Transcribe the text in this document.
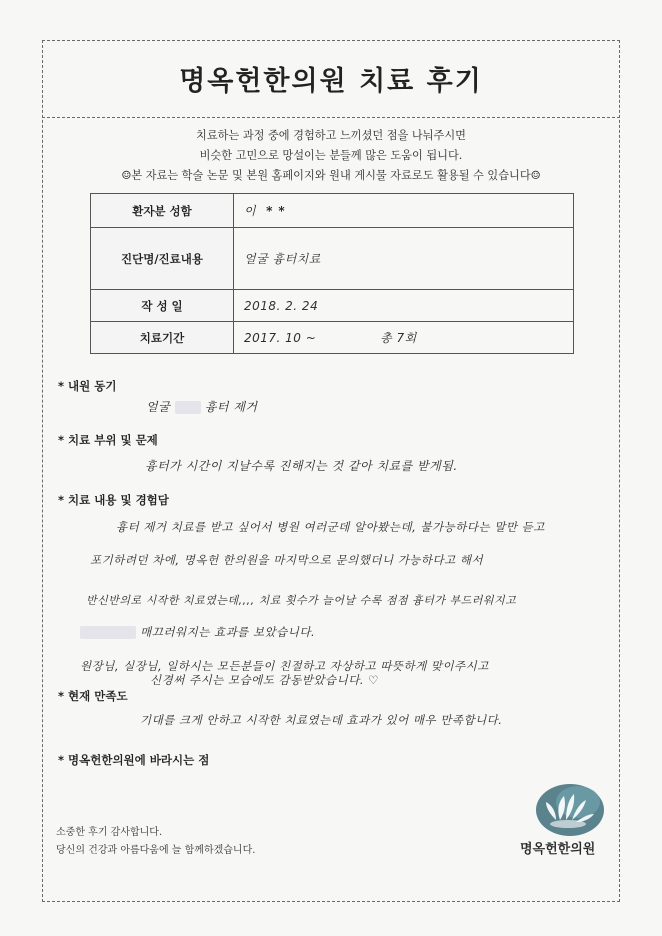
명옥헌한의원 치료 후기

치료하는 과정 중에 경험하고 느끼셨던 점을 나눠주시면

비슷한 고민으로 망설이는 분들께 많은 도움이 됩니다.

☺본 자료는 학술 논문 및 본원 홈페이지와 원내 게시물 자료로도 활용될 수 있습니다☺

환자분 성함	이 **
진단명/진료내용	얼굴 흉터치료
작 성 일	2018. 2. 24
치료기간	2017. 10 ~ 총 7회
* 내원 동기
얼굴	흉터 제거
* 치료 부위 및 문제
흉터가 시간이 지날수록 진해지는 것 같아 치료를 받게됨.
* 치료 내용 및 경험담
흉터 제거 치료를 받고 싶어서 병원 여러군데 알아봤는데, 불가능하다는 말만 듣고
포기하려던 차에, 명옥헌 한의원을 마지막으로 문의했더니 가능하다고 해서
반신반의로 시작한 치료였는데,,,, 치료 횟수가 늘어날 수록 점점 흉터가 부드러워지고
매끄러워지는 효과를 보았습니다.
원장님, 실장님, 일하시는 모든분들이 친절하고 자상하고 따뜻하게 맞이주시고
신경써 주시는 모습에도 감동받았습니다. ♡
* 현재 만족도
기대를 크게 안하고 시작한 치료였는데 효과가 있어 매우 만족합니다.
* 명옥헌한의원에 바라시는 점

소중한 후기 감사합니다.

당신의 건강과 아름다움에 늘 함께하겠습니다.	명옥헌한의원
